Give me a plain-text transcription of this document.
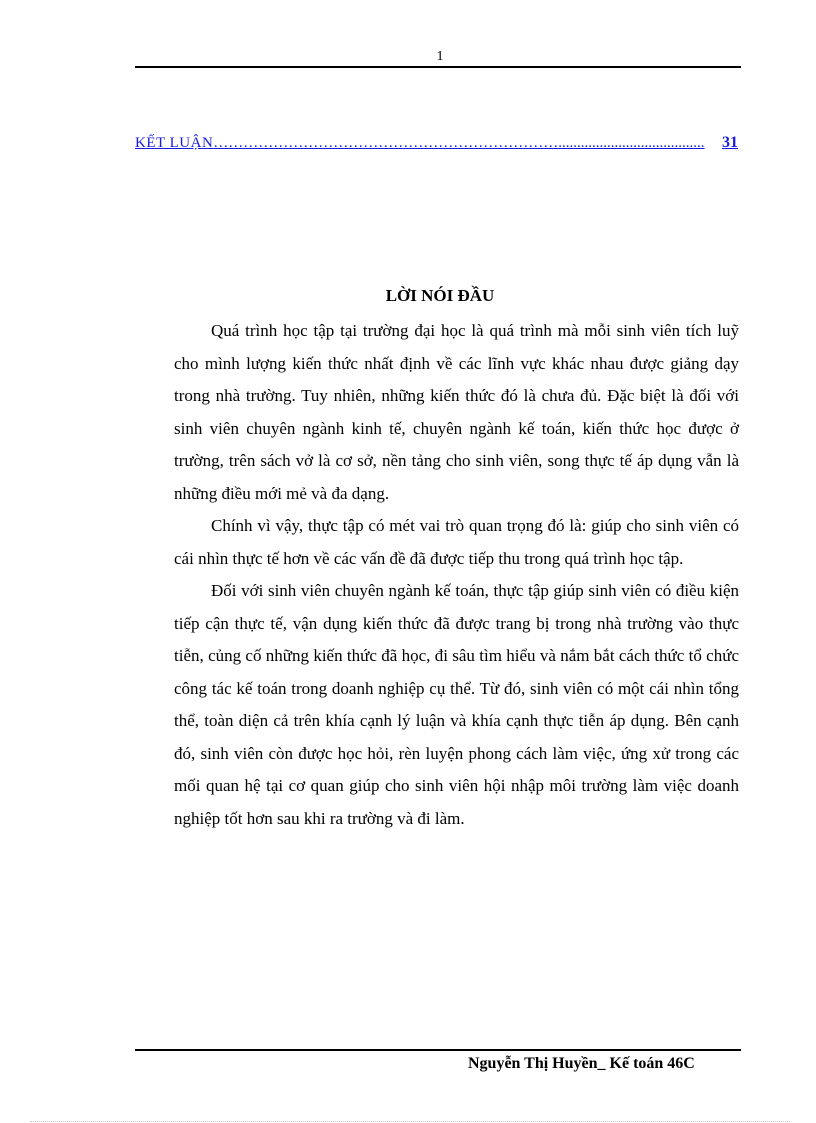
1
KẾT LUẬN …………………………………………………………….......................................	31
LỜI NÓI ĐẦU

Quá trình học tập tại trường đại học là quá trình mà mỗi sinh viên tích luỹ cho mình lượng kiến thức nhất định về các lĩnh vực khác nhau được giảng dạy trong nhà trường. Tuy nhiên, những kiến thức đó là chưa đủ. Đặc biệt là đối với sinh viên chuyên ngành kinh tế, chuyên ngành kế toán, kiến thức học được ở trường, trên sách vở là cơ sở, nền tảng cho sinh viên, song thực tế áp dụng vẫn là những điều mới mẻ và đa dạng.

Chính vì vậy, thực tập có mét vai trò quan trọng đó là: giúp cho sinh viên có cái nhìn thực tế hơn về các vấn đề đã được tiếp thu trong quá trình học tập.

Đối với sinh viên chuyên ngành kế toán, thực tập giúp sinh viên có điều kiện tiếp cận thực tế, vận dụng kiến thức đã được trang bị trong nhà trường vào thực tiễn, củng cố những kiến thức đã học, đi sâu tìm hiểu và nắm bắt cách thức tổ chức công tác kế toán trong doanh nghiệp cụ thể. Từ đó, sinh viên có một cái nhìn tổng thể, toàn diện cả trên khía cạnh lý luận và khía cạnh thực tiễn áp dụng. Bên cạnh đó, sinh viên còn được học hỏi, rèn luyện phong cách làm việc, ứng xử trong các mối quan hệ tại cơ quan giúp cho sinh viên hội nhập môi trường làm việc doanh nghiệp tốt hơn sau khi ra trường và đi làm.

Nguyễn Thị Huyền_ Kế toán 46C
